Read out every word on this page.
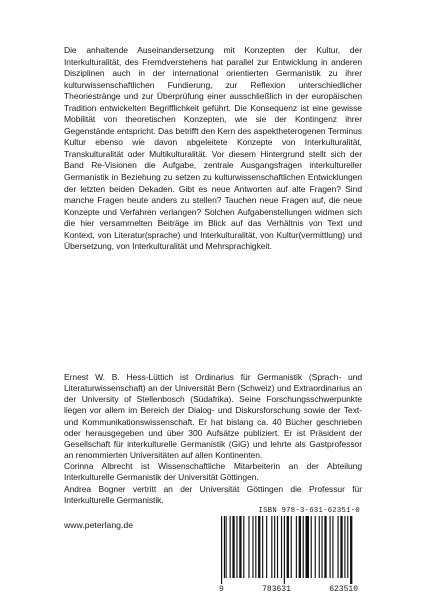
Die anhaltende Auseinandersetzung mit Konzepten der Kultur, der Interkulturalität, des Fremdverstehens hat parallel zur Entwicklung in anderen Disziplinen auch in der international orientierten Germanistik zu ihrer kulturwissenschaftlichen Fundierung, zur Reflexion unterschiedlicher Theoriestränge und zur Überprüfung einer ausschließlich in der europäischen Tradition entwickelten Begrifflichkeit geführt. Die Konsequenz ist eine gewisse Mobilität von theoretischen Konzepten, wie sie der Kontingenz ihrer Gegenstände entspricht. Das betrifft den Kern des aspektheterogenen Terminus Kultur ebenso wie davon abgeleitete Konzepte von Interkulturalität, Transkulturalität oder Multikulturalität. Vor diesem Hintergrund stellt sich der Band Re-Visionen die Aufgabe, zentrale Ausgangsfragen interkultureller Germanistik in Beziehung zu setzen zu kulturwissenschaftlichen Entwicklungen der letzten beiden Dekaden. Gibt es neue Antworten auf alte Fragen? Sind manche Fragen heute anders zu stellen? Tauchen neue Fragen auf, die neue Konzepte und Verfahren verlangen? Solchen Aufgabenstellungen widmen sich die hier versammelten Beiträge im Blick auf das Verhältnis von Text und Kontext, von Literatur(sprache) und Interkulturalität, von Kultur(vermittlung) und Übersetzung, von Interkulturalität und Mehrsprachigkeit.

Ernest W. B. Hess-Lüttich ist Ordinarius für Germanistik (Sprach- und Literaturwissenschaft) an der Universität Bern (Schweiz) und Extraordinarius an der University of Stellenbosch (Südafrika). Seine Forschungsschwerpunkte liegen vor allem im Bereich der Dialog- und Diskursforschung sowie der Text- und Kommunikationswissenschaft. Er hat bislang ca. 40 Bücher geschrieben oder herausgegeben und über 300 Aufsätze publiziert. Er ist Präsident der Gesellschaft für interkulturelle Germanistik (GiG) und lehrte als Gastprofessor an renommierten Universitäten auf allen Kontinenten.

Corinna Albrecht ist Wissenschaftliche Mitarbeiterin an der Abteilung Interkulturelle Germanistik der Universität Göttingen.

Andrea Bogner vertritt an der Universität Göttingen die Professur für Interkulturelle Germanistik.

www.peterlang.de
ISBN 978-3-631-62351-0
9	783631	623510
